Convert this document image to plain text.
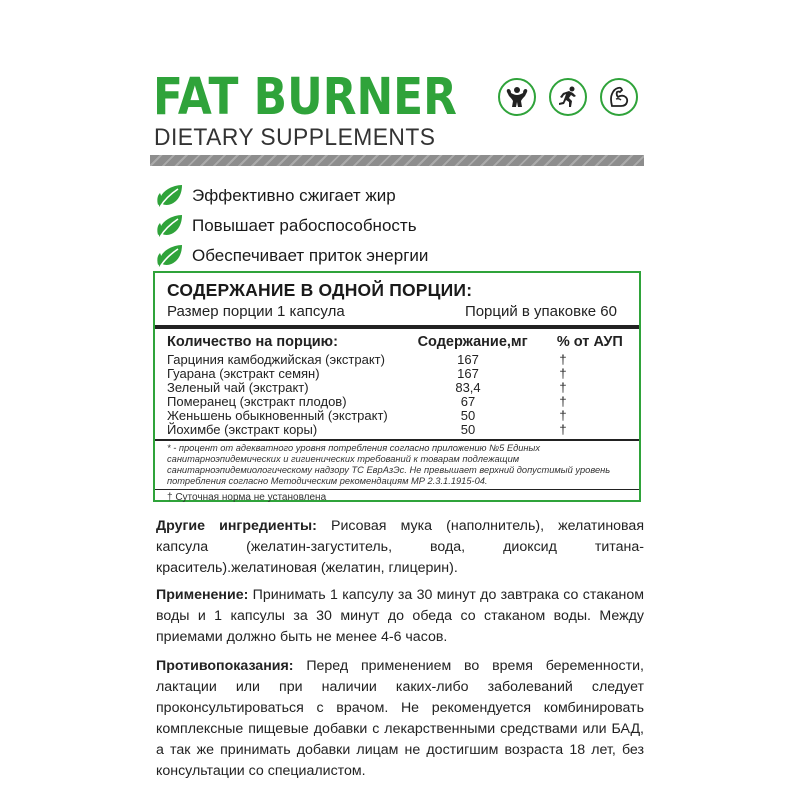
FAT BURNER
DIETARY SUPPLEMENTS
Эффективно сжигает жир
Повышает рабоспособность
Обеспечивает приток энергии
СОДЕРЖАНИЕ В ОДНОЙ ПОРЦИИ:
Размер порции 1 капсула	Порций в упаковке 60
Количество на порцию:	Содержание,мг	% от АУП
Гарциния камбоджийская (экстракт)	167	†
Гуарана (экстракт семян)	167	†
Зеленый чай (экстракт)	83,4	†
Померанец (экстракт плодов)	67	†
Женьшень обыкновенный (экстракт)	50	†
Йохимбе (экстракт коры)	50	†
* - процент от адекватного уровня потребления согласно приложению №5 Единых санитарноэпидемических и гигиенических требований к товарам подлежащим санитарноэпидемиологическому надзору ТС ЕврАзЭс. Не превышает верхний допустимый уровень потребления согласно Методическим рекомендациям МР 2.3.1.1915-04.
† Суточная норма не установлена

Другие ингредиенты: Рисовая мука (наполнитель), желатиновая капсула (желатин-загуститель, вода, диоксид титана-краситель).желатиновая (желатин, глицерин).

Применение: Принимать 1 капсулу за 30 минут до завтрака со стаканом воды и 1 капсулы за 30 минут до обеда со стаканом воды. Между приемами должно быть не менее 4-6 часов.

Противопоказания: Перед применением во время беременности, лактации или при наличии каких-либо заболеваний следует проконсультироваться с врачом. Не рекомендуется комбинировать комплексные пищевые добавки с лекарственными средствами или БАД, а так же принимать добавки лицам не достигшим возраста 18 лет, без консультации со специалистом.
